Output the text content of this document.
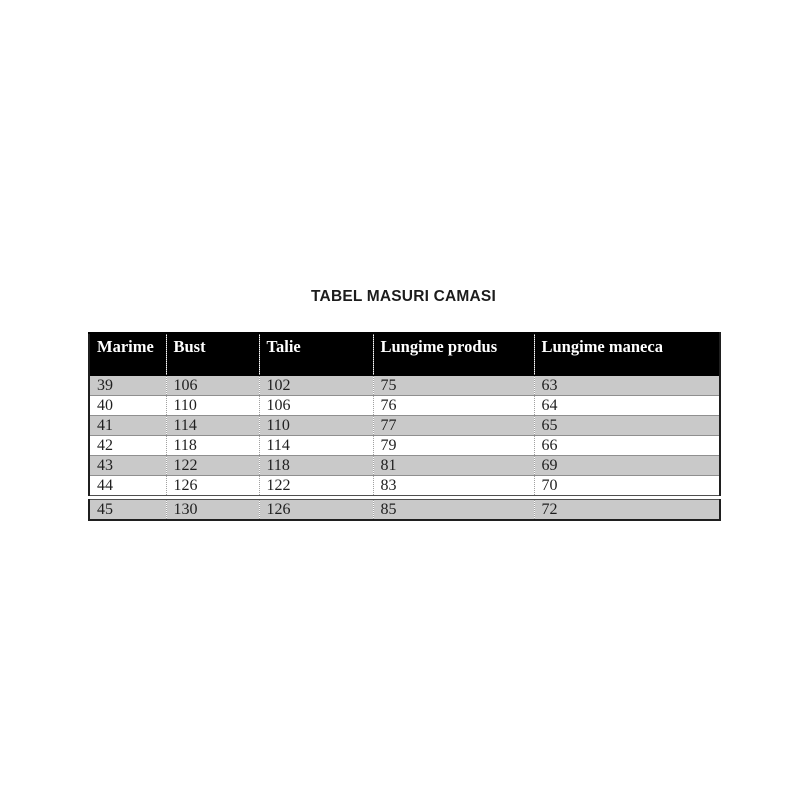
TABEL MASURI CAMASI
Marime	Bust	Talie	Lungime produs	Lungime maneca
39	106	102	75	63
40	110	106	76	64
41	114	110	77	65
42	118	114	79	66
43	122	118	81	69
44	126	122	83	70

45	130	126	85	72
